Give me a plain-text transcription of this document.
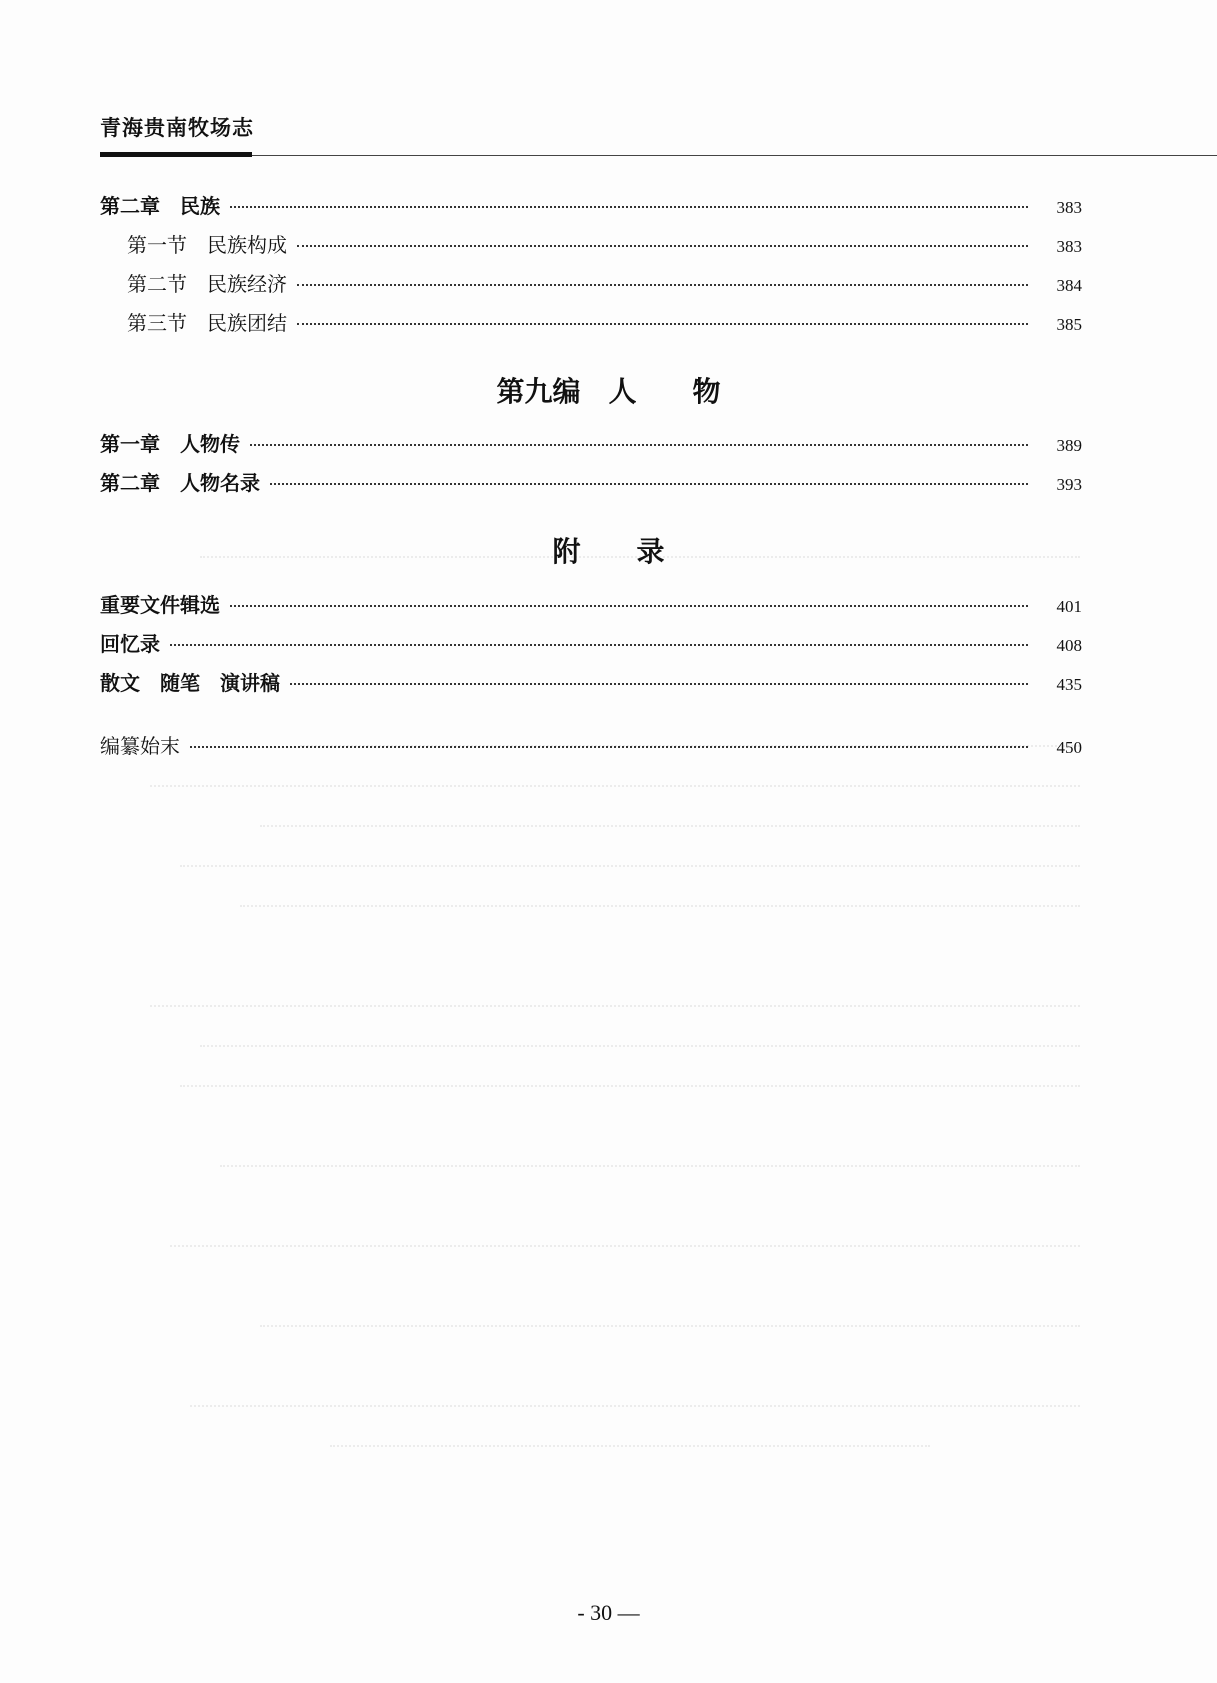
青海贵南牧场志
第二章　民族	383
第一节　民族构成	383
第二节　民族经济	384
第三节　民族团结	385
第九编　人　　物
第一章　人物传	389
第二章　人物名录	393
附　　录
重要文件辑选	401
回忆录	408
散文　随笔　演讲稿	435
编纂始末	450
- 30 —
